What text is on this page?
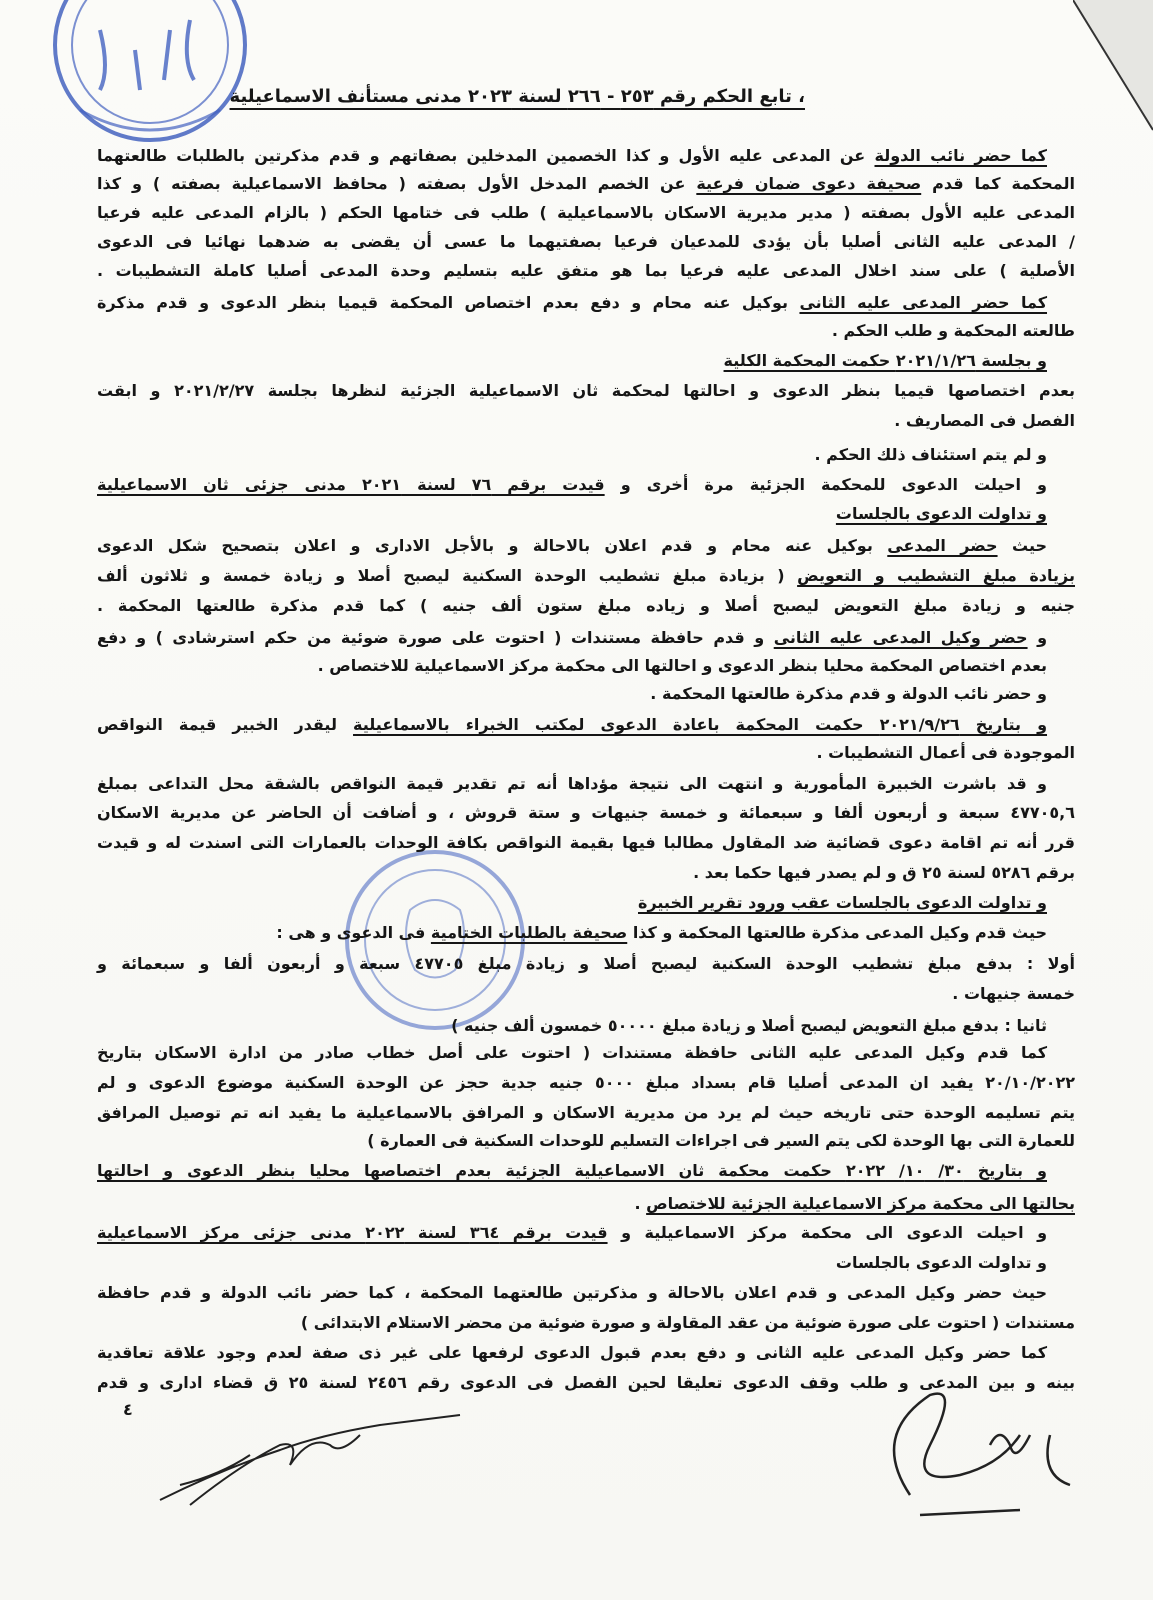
، تابع الحكم رقم ٢٥٣ - ٢٦٦ لسنة ٢٠٢٣ مدنى مستأنف الاسماعيلية
كما حضر نائب الدولة عن المدعى عليه الأول و كذا الخصمين المدخلين بصفاتهم و قدم مذكرتين بالطلبات طالعتهما
المحكمة كما قدم صحيفة دعوى ضمان فرعية عن الخصم المدخل الأول بصفته ( محافظ الاسماعيلية بصفته ) و كذا
المدعى عليه الأول بصفته ( مدير مديرية الاسكان بالاسماعيلية ) طلب فى ختامها الحكم ( بالزام المدعى عليه فرعيا
/ المدعى عليه الثانى أصليا بأن يؤدى للمدعيان فرعيا بصفتيهما ما عسى أن يقضى به ضدهما نهائيا فى الدعوى
الأصلية ) على سند اخلال المدعى عليه فرعيا بما هو متفق عليه بتسليم وحدة المدعى أصليا كاملة التشطيبات .
كما حضر المدعى عليه الثانى بوكيل عنه محام و دفع بعدم اختصاص المحكمة قيميا بنظر الدعوى و قدم مذكرة
طالعته المحكمة و طلب الحكم .
و بجلسة ٢٠٢١/١/٢٦ حكمت المحكمة الكلية
بعدم اختصاصها قيميا بنظر الدعوى و احالتها لمحكمة ثان الاسماعيلية الجزئية لنظرها بجلسة ٢٠٢١/٢/٢٧ و ابقت
الفصل فى المصاريف .
و لم يتم استئناف ذلك الحكم .
و احيلت الدعوى للمحكمة الجزئية مرة أخرى و قيدت برقم ٧٦ لسنة ٢٠٢١ مدنى جزئى ثان الاسماعيلية
و تداولت الدعوى بالجلسات
حيث حضر المدعى بوكيل عنه محام و قدم اعلان بالاحالة و بالأجل الادارى و اعلان بتصحيح شكل الدعوى
بزيادة مبلغ التشطيب و التعويض ( بزيادة مبلغ تشطيب الوحدة السكنية ليصبح أصلا و زيادة خمسة و ثلاثون ألف
جنيه و زيادة مبلغ التعويض ليصبح أصلا و زياده مبلغ ستون ألف جنيه ) كما قدم مذكرة طالعتها المحكمة .
و حضر وكيل المدعى عليه الثانى و قدم حافظة مستندات ( احتوت على صورة ضوئية من حكم استرشادى ) و دفع
بعدم اختصاص المحكمة محليا بنظر الدعوى و احالتها الى محكمة مركز الاسماعيلية للاختصاص .
و حضر نائب الدولة و قدم مذكرة طالعتها المحكمة .
و بتاريخ ٢٠٢١/٩/٢٦ حكمت المحكمة باعادة الدعوى لمكتب الخبراء بالاسماعيلية ليقدر الخبير قيمة النواقص
الموجودة فى أعمال التشطيبات .
و قد باشرت الخبيرة المأمورية و انتهت الى نتيجة مؤداها أنه تم تقدير قيمة النواقص بالشقة محل التداعى بمبلغ
٤٧٧٠٥,٦ سبعة و أربعون ألفا و سبعمائة و خمسة جنيهات و ستة قروش ، و أضافت أن الحاضر عن مديرية الاسكان
قرر أنه تم اقامة دعوى قضائية ضد المقاول مطالبا فيها بقيمة النواقص بكافة الوحدات بالعمارات التى اسندت له و قيدت
برقم ٥٢٨٦ لسنة ٢٥ ق و لم يصدر فيها حكما بعد .
و تداولت الدعوى بالجلسات عقب ورود تقرير الخبيرة
حيث قدم وكيل المدعى مذكرة طالعتها المحكمة و كذا صحيفة بالطلبات الختامية فى الدعوى و هى :
أولا : بدفع مبلغ تشطيب الوحدة السكنية ليصبح أصلا و زيادة مبلغ ٤٧٧٠٥ سبعة و أربعون ألفا و سبعمائة و
خمسة جنيهات .
ثانيا : بدفع مبلغ التعويض ليصبح أصلا و زيادة مبلغ ٥٠٠٠٠ خمسون ألف جنيه )
كما قدم وكيل المدعى عليه الثانى حافظة مستندات ( احتوت على أصل خطاب صادر من ادارة الاسكان بتاريخ
٢٠/١٠/٢٠٢٢ يفيد ان المدعى أصليا قام بسداد مبلغ ٥٠٠٠ جنيه جدية حجز عن الوحدة السكنية موضوع الدعوى و لم
يتم تسليمه الوحدة حتى تاريخه حيث لم يرد من مديرية الاسكان و المرافق بالاسماعيلية ما يفيد انه تم توصيل المرافق
للعمارة التى بها الوحدة لكى يتم السير فى اجراءات التسليم للوحدات السكنية فى العمارة )
و بتاريخ ٣٠/ ١٠/ ٢٠٢٢ حكمت محكمة ثان الاسماعيلية الجزئية بعدم اختصاصها محليا بنظر الدعوى و احالتها
بحالتها الى محكمة مركز الاسماعيلية الجزئية للاختصاص .
و احيلت الدعوى الى محكمة مركز الاسماعيلية و قيدت برقم ٣٦٤ لسنة ٢٠٢٢ مدنى جزئى مركز الاسماعيلية
و تداولت الدعوى بالجلسات
حيث حضر وكيل المدعى و قدم اعلان بالاحالة و مذكرتين طالعتهما المحكمة ، كما حضر نائب الدولة و قدم حافظة
مستندات ( احتوت على صورة ضوئية من عقد المقاولة و صورة ضوئية من محضر الاستلام الابتدائى )
كما حضر وكيل المدعى عليه الثانى و دفع بعدم قبول الدعوى لرفعها على غير ذى صفة لعدم وجود علاقة تعاقدية
بينه و بين المدعى و طلب وقف الدعوى تعليقا لحين الفصل فى الدعوى رقم ٢٤٥٦ لسنة ٢٥ ق قضاء ادارى و قدم
٤
